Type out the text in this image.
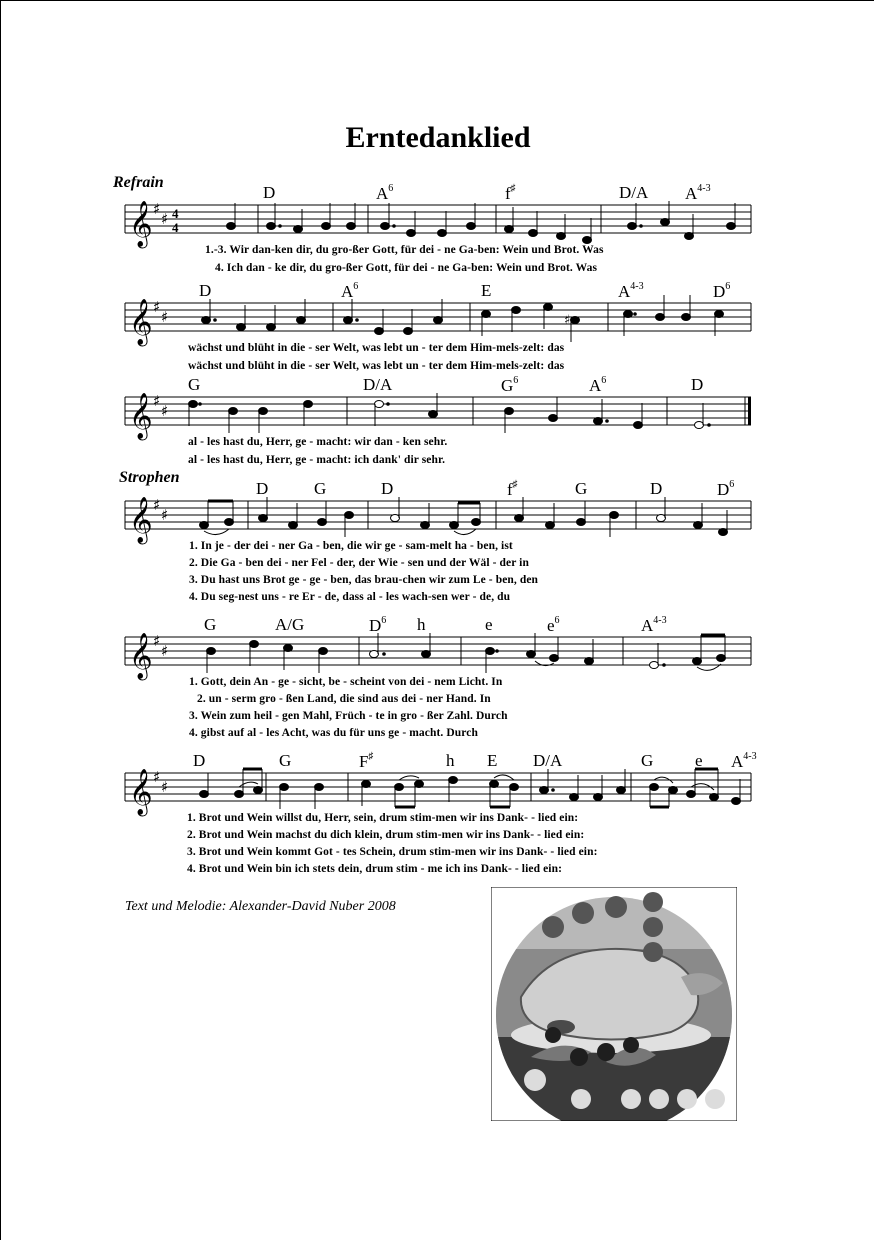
Erntedanklied
Refrain
Strophen
D	$A^6$	f♯	D/A $A^{4-3}$
𝄞 ♯
♯ 4
4
1.-3. Wir dan-ken dir, du gro-ßer Gott, für dei - ne Ga-ben: Wein und Brot. Was
4. Ich dan - ke dir, du gro-ßer Gott, für dei - ne Ga-ben: Wein und Brot. Was
D	$A^6$	E	$A^{4-3}$	$D^6$
𝄞 ♯
♯	♯
wächst und blüht in die - ser Welt, was lebt un - ter dem Him-mels-zelt: das
wächst und blüht in die - ser Welt, was lebt un - ter dem Him-mels-zelt: das
G	D/A	$G^6$	$A^6$	D
𝄞 ♯
♯
al - les hast du, Herr, ge - macht: wir dan - ken sehr.
al - les hast du, Herr, ge - macht: ich dank' dir sehr.
D	G	D	f♯	G	D	$D^6$
𝄞 ♯
♯
1. In je - der dei - ner Ga - ben, die wir ge - sam-melt ha - ben, ist
2. Die Ga - ben dei - ner Fel - der, der Wie - sen und der Wäl - der in
3. Du hast uns Brot ge - ge - ben, das brau-chen wir zum Le - ben, den
4. Du seg-nest uns - re Er - de, dass al - les wach-sen wer - de, du
G	A/G	$D^6$ h	e	$e^6$	$A^{4-3}$
𝄞 ♯
♯
1. Gott, dein An - ge - sicht, be - scheint von dei - nem Licht. In
2. un - serm gro - ßen Land, die sind aus dei - ner Hand. In
3. Wein zum heil - gen Mahl, Früch - te in gro - ßer Zahl. Durch
4. gibst auf al - les Acht, was du für uns ge - macht. Durch
D	G	F♯	h E D/A	G e $A^{4-3}$
𝄞 ♯
♯
1. Brot und Wein willst du, Herr, sein, drum stim-men wir ins Dank- - lied ein:
2. Brot und Wein machst du dich klein, drum stim-men wir ins Dank- - lied ein:
3. Brot und Wein kommt Got - tes Schein, drum stim-men wir ins Dank- - lied ein:
4. Brot und Wein bin ich stets dein, drum stim - me ich ins Dank- - lied ein:
Text und Melodie: Alexander-David Nuber 2008
